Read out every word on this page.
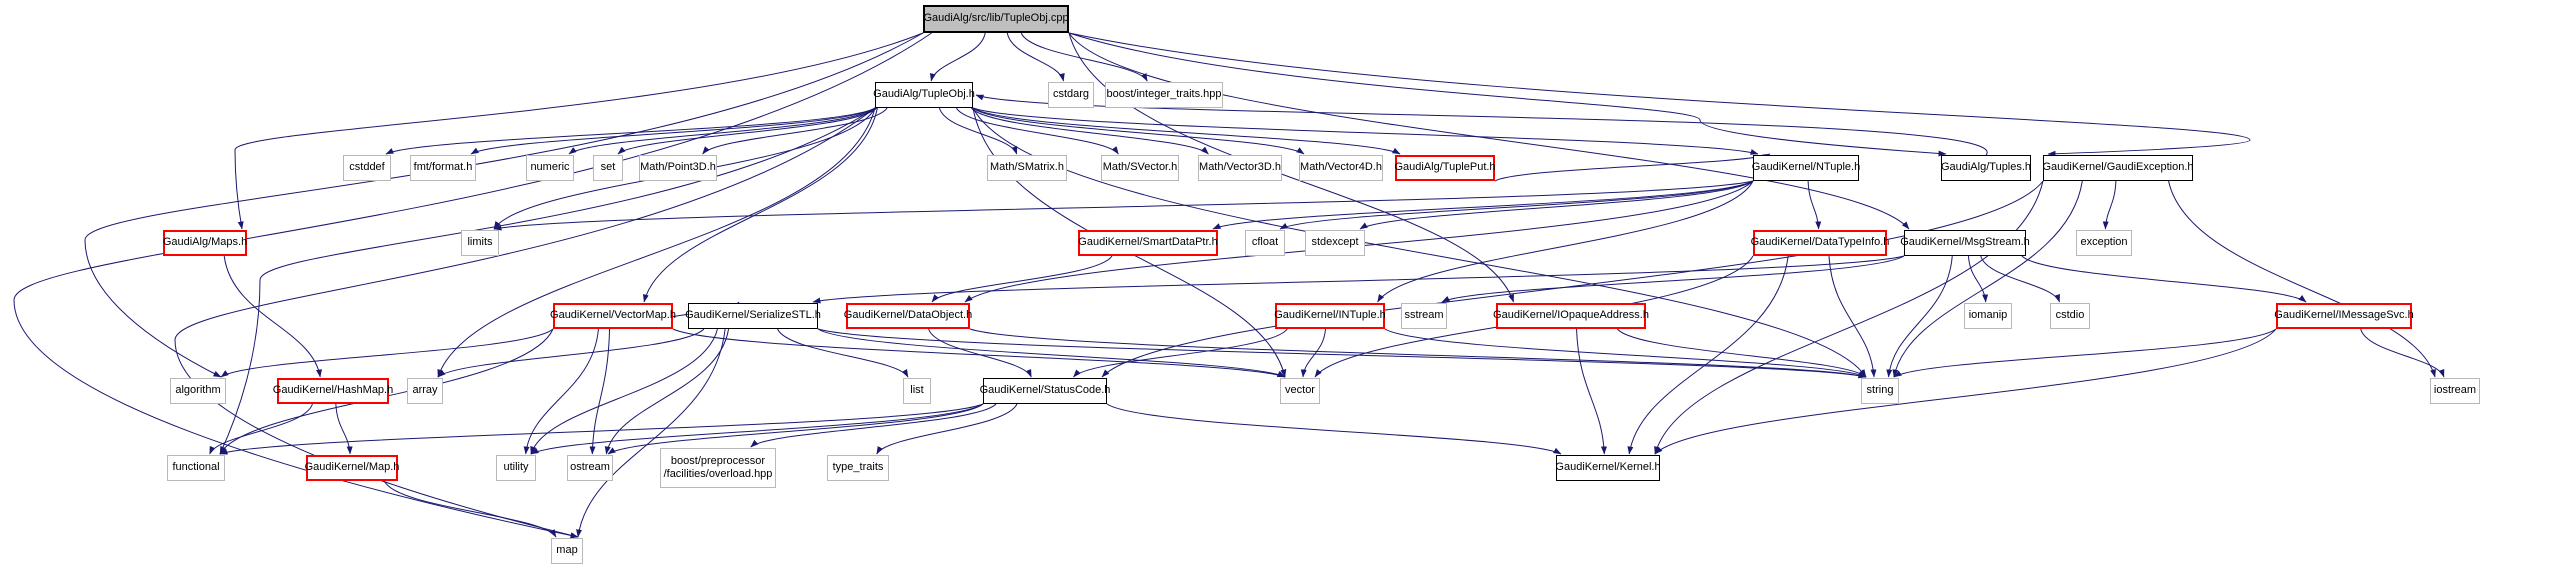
GaudiAlg/src/lib/TupleObj.cpp
GaudiAlg/TupleObj.h	cstdarg boost/integer_traits.hpp
cstddef	fmt/format.h	numeric	set Math/Point3D.h	Math/SMatrix.h	Math/SVector.h Math/Vector3D.h Math/Vector4D.h GaudiAlg/TuplePut.h	GaudiKernel/NTuple.h	GaudiAlg/Tuples.h GaudiKernel/GaudiException.h
GaudiAlg/Maps.h	limits	GaudiKernel/SmartDataPtr.h	cfloat	stdexcept	GaudiKernel/DataTypeInfo.h GaudiKernel/MsgStream.h	exception
GaudiKernel/VectorMap.h GaudiKernel/SerializeSTL.h GaudiKernel/DataObject.h	GaudiKernel/INTuple.h sstream	GaudiKernel/IOpaqueAddress.h	iomanip	cstdio	GaudiKernel/IMessageSvc.h
algorithm	GaudiKernel/HashMap.h array	list	GaudiKernel/StatusCode.h	vector	string	iostream
functional	GaudiKernel/Map.h	utility	ostream
boost/preprocessor
/facilities/overload.hpp
type_traits	GaudiKernel/Kernel.h
map
